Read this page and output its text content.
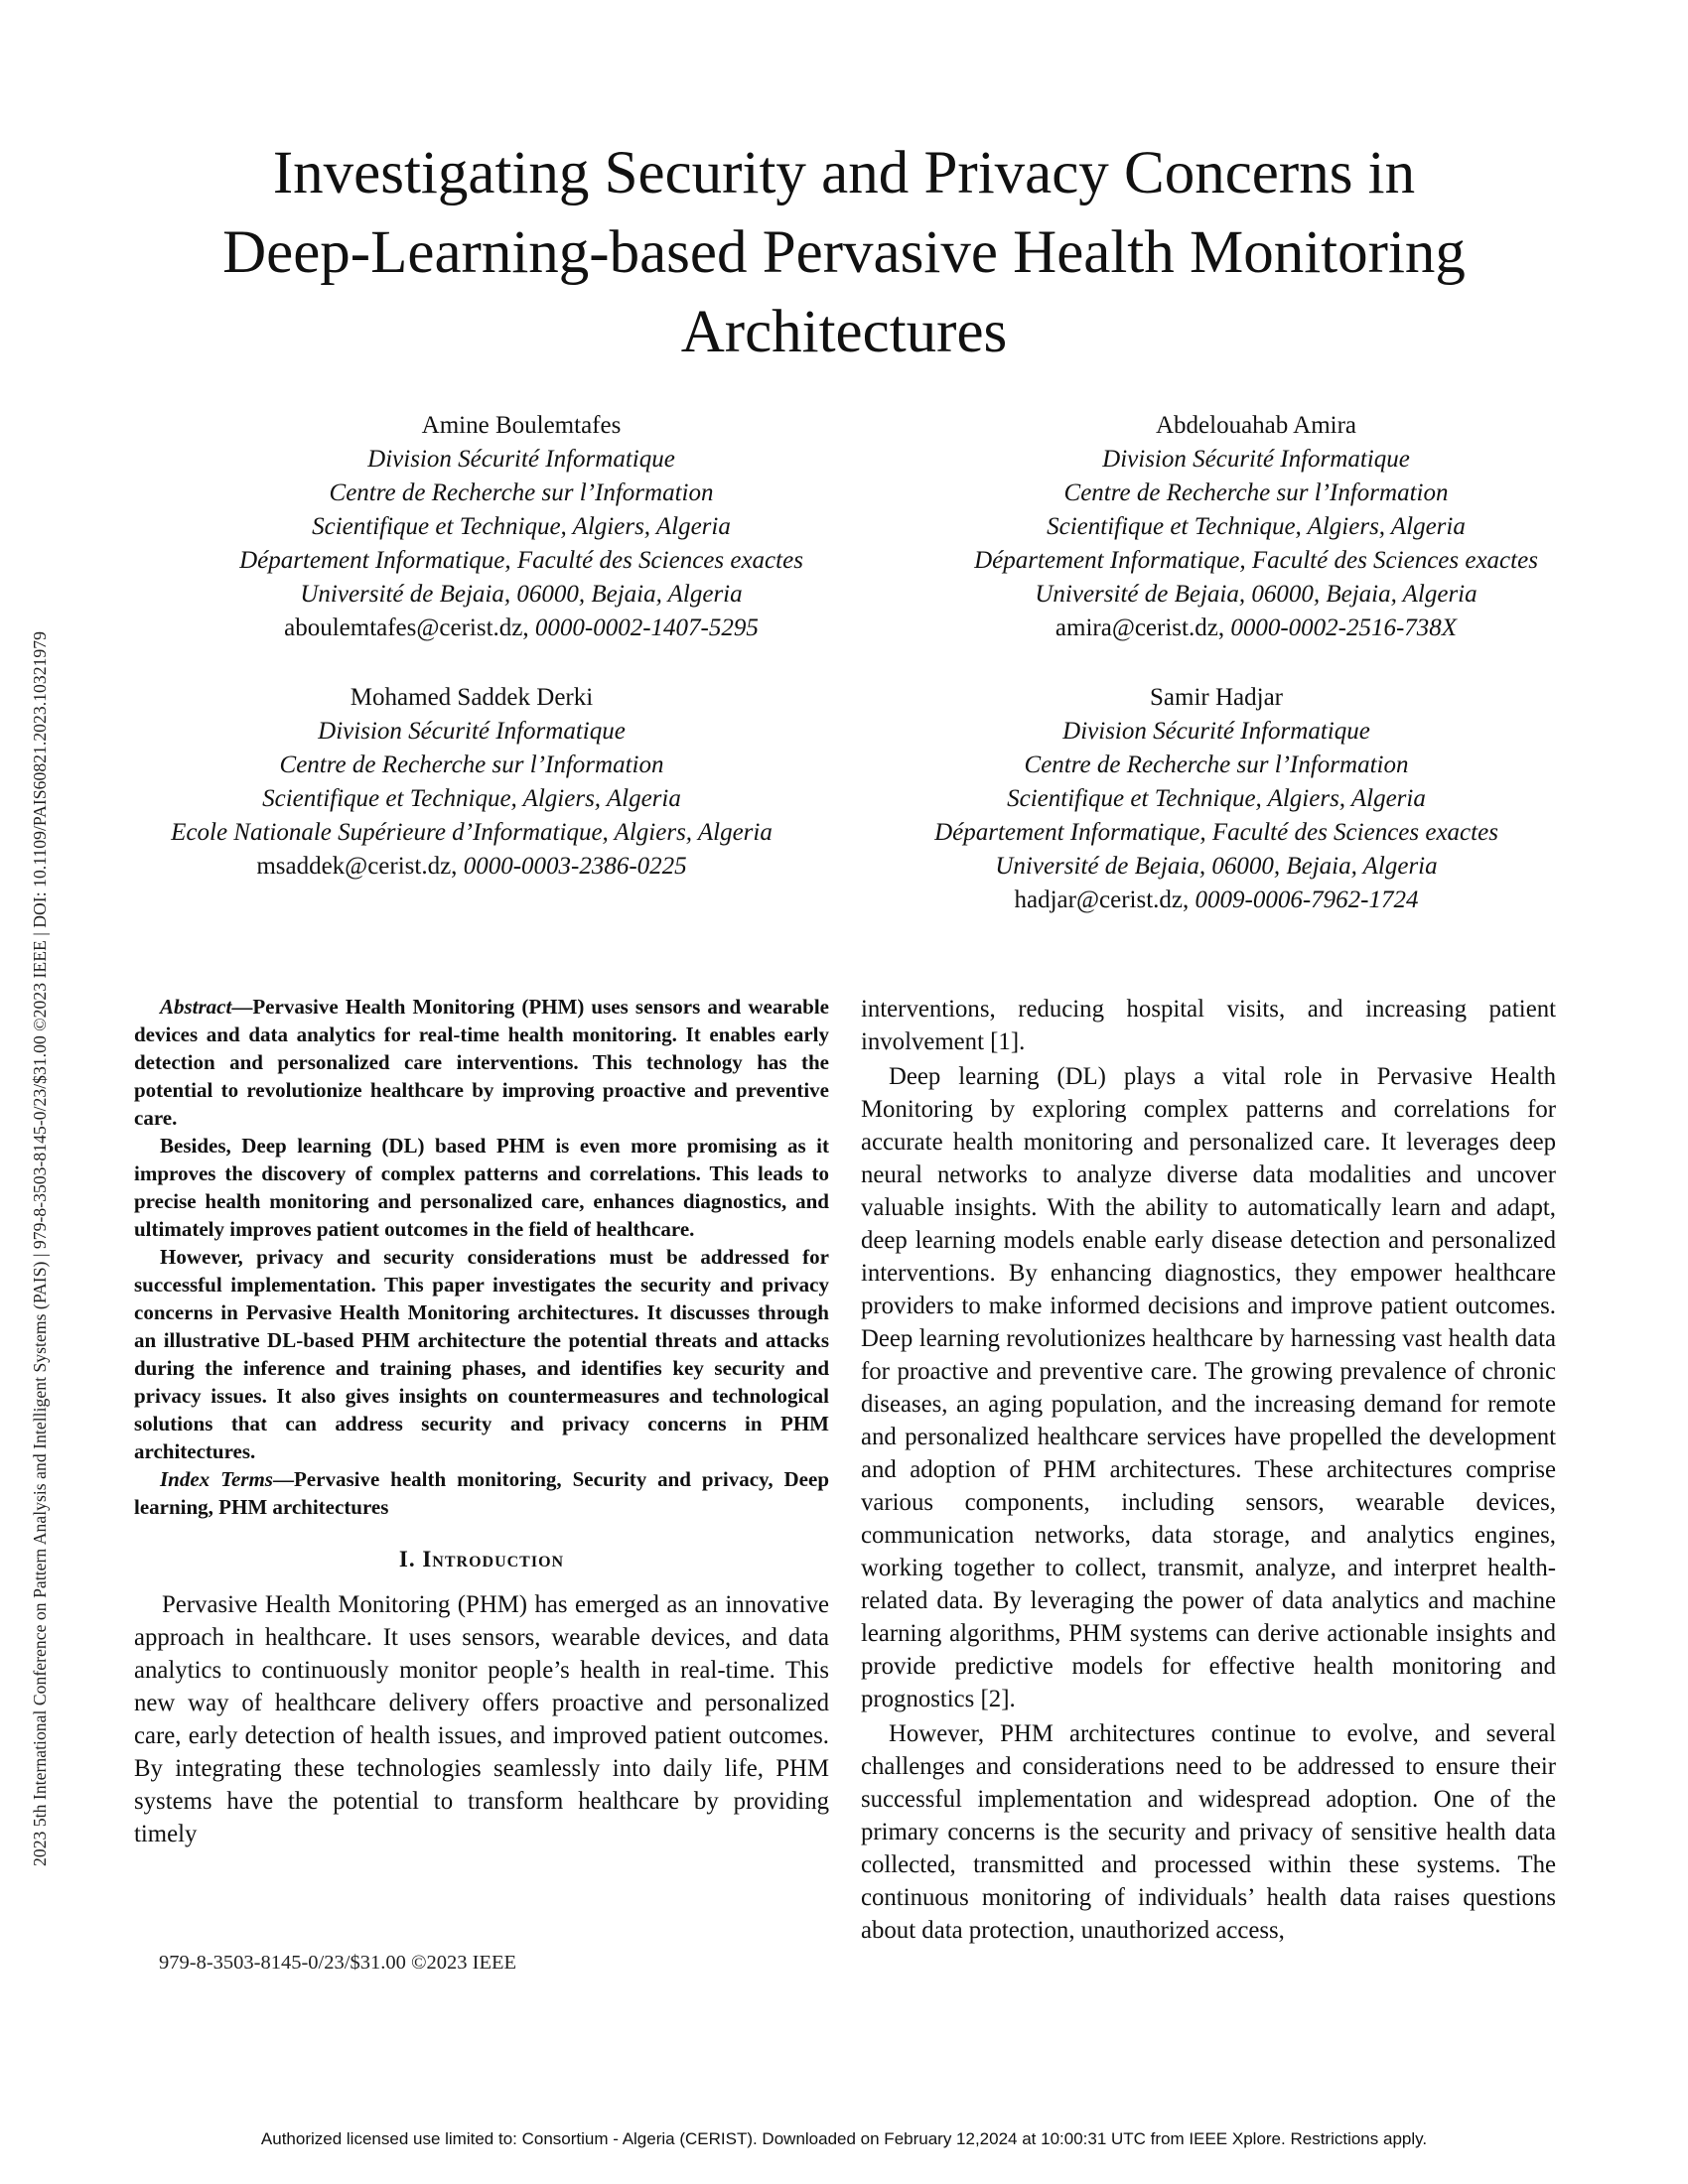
2023 5th International Conference on Pattern Analysis and Intelligent Systems (PAIS) | 979-8-3503-8145-0/23/$31.00 ©2023 IEEE | DOI: 10.1109/PAIS60821.2023.10321979
Investigating Security and Privacy Concerns in
Deep-Learning-based Pervasive Health Monitoring
Architectures
Amine Boulemtafes
Division Sécurité Informatique
Centre de Recherche sur l’Information
Scientifique et Technique, Algiers, Algeria
Département Informatique, Faculté des Sciences exactes
Université de Bejaia, 06000, Bejaia, Algeria
aboulemtafes@cerist.dz, 0000-0002-1407-5295
Abdelouahab Amira
Division Sécurité Informatique
Centre de Recherche sur l’Information
Scientifique et Technique, Algiers, Algeria
Département Informatique, Faculté des Sciences exactes
Université de Bejaia, 06000, Bejaia, Algeria
amira@cerist.dz, 0000-0002-2516-738X
Mohamed Saddek Derki
Division Sécurité Informatique
Centre de Recherche sur l’Information
Scientifique et Technique, Algiers, Algeria
Ecole Nationale Supérieure d’Informatique, Algiers, Algeria
msaddek@cerist.dz, 0000-0003-2386-0225
Samir Hadjar
Division Sécurité Informatique
Centre de Recherche sur l’Information
Scientifique et Technique, Algiers, Algeria
Département Informatique, Faculté des Sciences exactes
Université de Bejaia, 06000, Bejaia, Algeria
hadjar@cerist.dz, 0009-0006-7962-1724

Abstract—Pervasive Health Monitoring (PHM) uses sensors and wearable devices and data analytics for real-time health monitoring. It enables early detection and personalized care interventions. This technology has the potential to revolutionize healthcare by improving proactive and preventive care.

Besides, Deep learning (DL) based PHM is even more promising as it improves the discovery of complex patterns and correlations. This leads to precise health monitoring and personalized care, enhances diagnostics, and ultimately improves patient outcomes in the field of healthcare.

However, privacy and security considerations must be addressed for successful implementation. This paper investigates the security and privacy concerns in Pervasive Health Monitoring architectures. It discusses through an illustrative DL-based PHM architecture the potential threats and attacks during the inference and training phases, and identifies key security and privacy issues. It also gives insights on countermeasures and technological solutions that can address security and privacy concerns in PHM architectures.

Index Terms—Pervasive health monitoring, Security and privacy, Deep learning, PHM architectures

I. Introduction

Pervasive Health Monitoring (PHM) has emerged as an innovative approach in healthcare. It uses sensors, wearable devices, and data analytics to continuously monitor people’s health in real-time. This new way of healthcare delivery offers proactive and personalized care, early detection of health issues, and improved patient outcomes. By integrating these technologies seamlessly into daily life, PHM systems have the potential to transform healthcare by providing timely

979-8-3503-8145-0/23/$31.00 ©2023 IEEE

interventions, reducing hospital visits, and increasing patient involvement [1].

Deep learning (DL) plays a vital role in Pervasive Health Monitoring by exploring complex patterns and correlations for accurate health monitoring and personalized care. It leverages deep neural networks to analyze diverse data modalities and uncover valuable insights. With the ability to automatically learn and adapt, deep learning models enable early disease detection and personalized interventions. By enhancing diagnostics, they empower healthcare providers to make informed decisions and improve patient outcomes. Deep learning revolutionizes healthcare by harnessing vast health data for proactive and preventive care. The growing prevalence of chronic diseases, an aging population, and the increasing demand for remote and personalized healthcare services have propelled the development and adoption of PHM architectures. These architectures comprise various components, including sensors, wearable devices, communication networks, data storage, and analytics engines, working together to collect, transmit, analyze, and interpret health-related data. By leveraging the power of data analytics and machine learning algorithms, PHM systems can derive actionable insights and provide predictive models for effective health monitoring and prognostics [2].

However, PHM architectures continue to evolve, and several challenges and considerations need to be addressed to ensure their successful implementation and widespread adoption. One of the primary concerns is the security and privacy of sensitive health data collected, transmitted and processed within these systems. The continuous monitoring of individuals’ health data raises questions about data protection, unauthorized access,

Authorized licensed use limited to: Consortium - Algeria (CERIST). Downloaded on February 12,2024 at 10:00:31 UTC from IEEE Xplore. Restrictions apply.
